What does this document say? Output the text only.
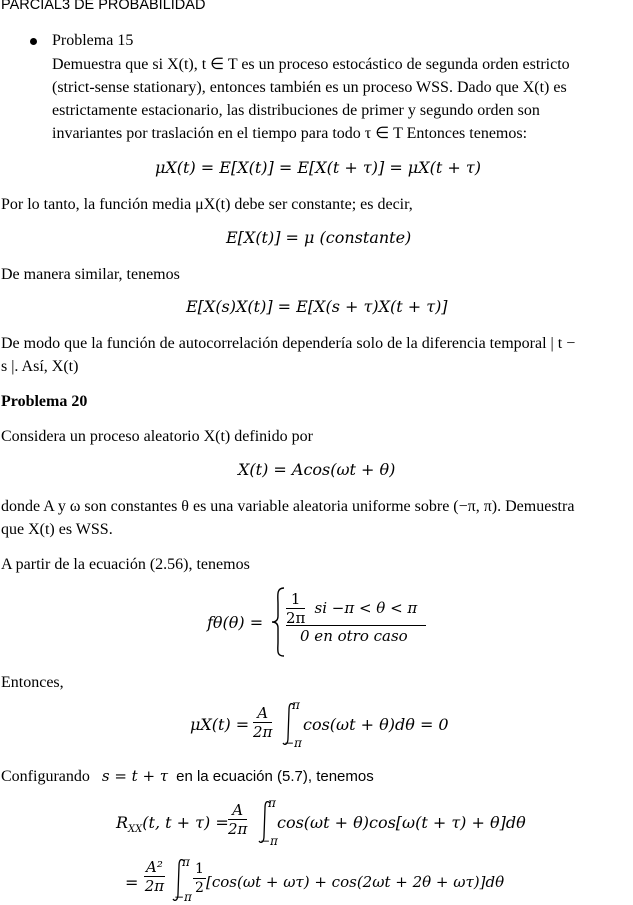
PARCIAL3 DE PROBABILIDAD
Problema 15
Demuestra que si X(t), t ∈ T es un proceso estocástico de segunda orden estricto
(strict-sense stationary), entonces también es un proceso WSS. Dado que X(t) es
estrictamente estacionario, las distribuciones de primer y segundo orden son
invariantes por traslación en el tiempo para todo τ ∈ T Entonces tenemos:
μX(t) = E[X(t)] = E[X(t + τ)] = μX(t + τ)
Por lo tanto, la función media μX(t) debe ser constante; es decir,
E[X(t)] = μ (constante)
De manera similar, tenemos
E[X(s)X(t)] = E[X(s + τ)X(t + τ)]
De modo que la función de autocorrelación dependería solo de la diferencia temporal | t −
s |. Así, X(t)
Problema 20
Considera un proceso aleatorio X(t) definido por
X(t) = Acos(ωt + θ)
donde A y ω son constantes θ es una variable aleatoria uniforme sobre (−π, π). Demuestra
que X(t) es WSS.
A partir de la ecuación (2.56), tenemos
$f\theta(\theta) = \frac{1}{2\pi}$ si −π < θ < π
0 en otro caso
Entonces,
$\mu X(t) = \frac{A}{2\pi}$ π
−π
cos(ωt + θ)dθ = 0
Configurando s = t + τ en la ecuación (5.7), tenemos
$R_{XX}(t$, $t + \tau) = \frac{A}{2\pi}$ π
−π
cos(ωt + θ)cos[ω(t + τ) + θ]dθ
= $\frac{\text{A²}}{2\pi}$ π
$-\pi \frac{1}{2} [\cos(\omega t + \omega\tau) + \cos(2\omega t + 2\theta + \omega\tau)]d\theta$
